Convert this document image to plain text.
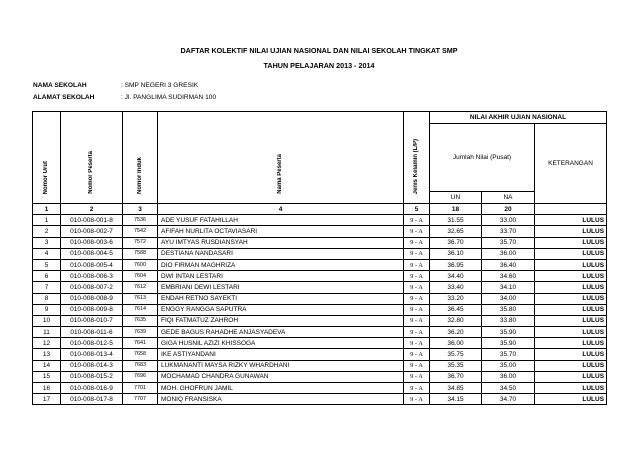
DAFTAR KOLEKTIF NILAI UJIAN NASIONAL DAN NILAI SEKOLAH TINGKAT SMP
TAHUN PELAJARAN 2013 - 2014
NAMA SEKOLAH	: SMP NEGERI 3 GRESIK
ALAMAT SEKOLAH	: Jl. PANGLIMA SUDIRMAN 100
Nomor Urut	Nomor Peserta	Nomor Induk	Nama Peserta	Jenis Kelamin (L/P)	NILAI AKHIR UJIAN NASIONAL		
					Jumlah Nilai (Pusat)		KETERANGAN
					UN	NA	
1	2	3	4	5	18	20	
1	010-008-001-8	7536	ADE YUSUF FATAHILLAH	9 - A	31.55	33.00	LULUS
2	010-008-002-7	7542	AFIFAH NURLITA OCTAVIASARI	9 - A	32.65	33.70	LULUS
3	010-008-003-6	7572	AYU IMTYAS RUSDIANSYAH	9 - A	36.70	35.70	LULUS
4	010-008-004-5	7588	DESTIANA NANDASARI	9 - A	36.10	36.00	LULUS
5	010-008-005-4	7600	DIO FIRMAN MAGHRIZA	9 - A	36.95	36.40	LULUS
6	010-008-006-3	7604	DWI INTAN LESTARI	9 - A	34.40	34.60	LULUS
7	010-008-007-2	7612	EMBRIANI DEWI LESTARI	9 - A	33.40	34.10	LULUS
8	010-008-008-9	7613	ENDAH RETNO SAYEKTI	9 - A	33.20	34.00	LULUS
9	010-008-009-8	7614	ENGGY RANGGA SAPUTRA	9 - A	36.45	35.80	LULUS
10	010-008-010-7	7635	FIQI FATMATUZ ZAHROH	9 - A	32.80	33.80	LULUS
11	010-008-011-6	7639	GEDE BAGUS RAHADHE ANJASYADEVA	9 - A	36.20	35.90	LULUS
12	010-008-012-5	7641	GIGA HUSNIL AZIZI KHISSOGA	9 - A	36.00	35.90	LULUS
13	010-008-013-4	7658	IKE ASTIYANDANI	9 - A	35.75	35.70	LULUS
14	010-008-014-3	7683	LUKMANANTI MAYSA RIZKY WHARDHANI	9 - A	35.35	35.00	LULUS
15	010-008-015-2	7696	MOCHAMAD CHANDRA GUNAWAN	9 - A	36.70	36.00	LULUS
16	010-008-016-9	7701	MOH. GHOFRUN JAMIL	9 - A	34.85	34.50	LULUS
17	010-008-017-8	7707	MONIQ FRANSISKA	9 - A	34.15	34.70	LULUS
